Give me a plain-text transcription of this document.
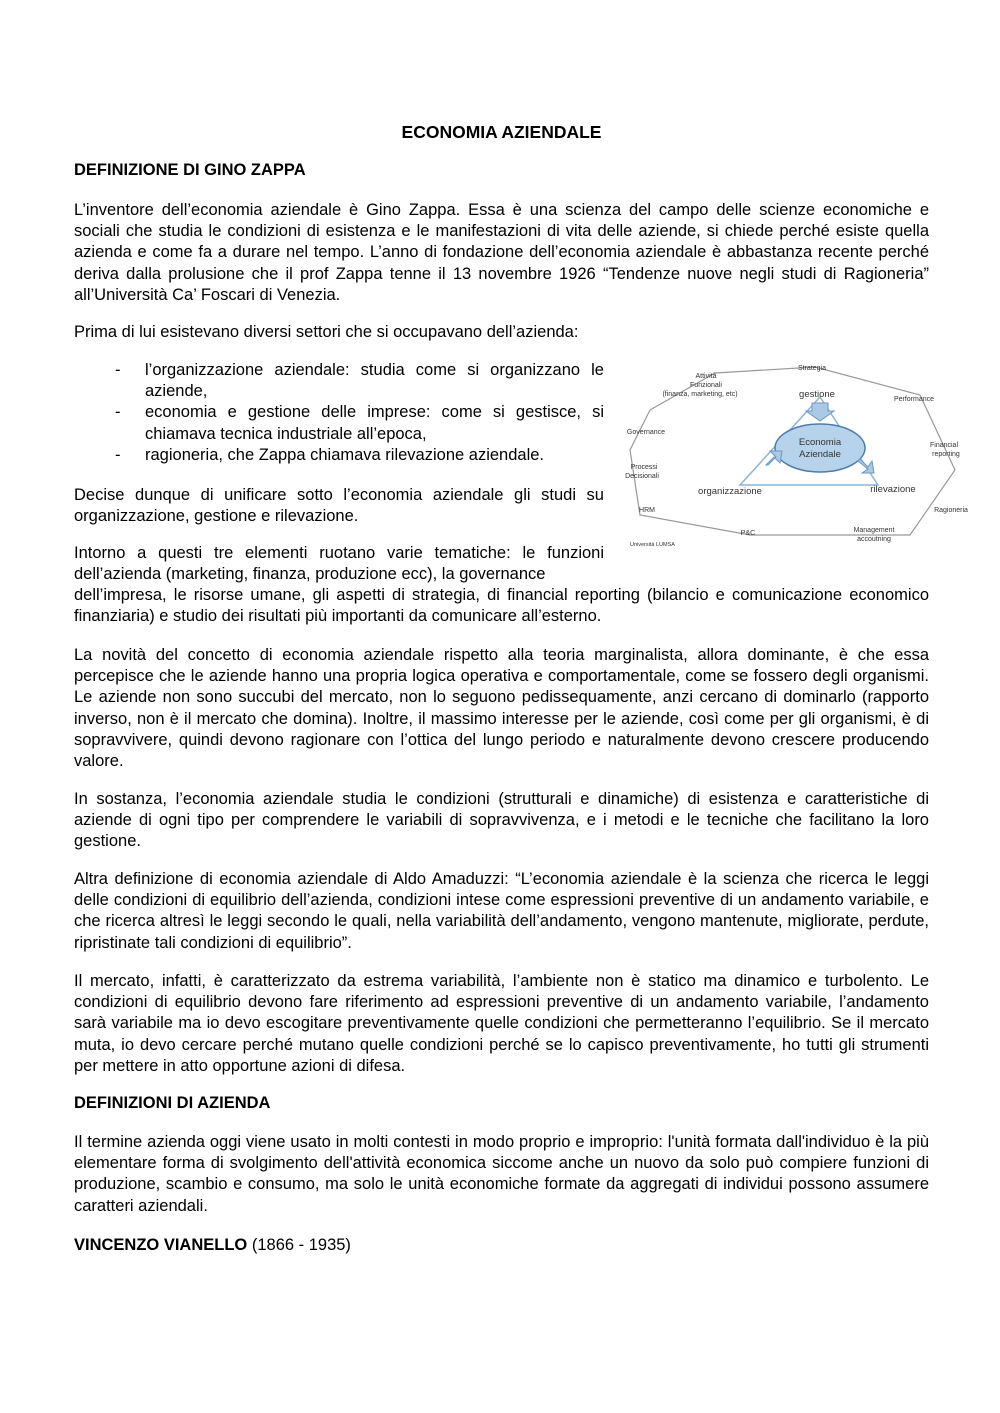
ECONOMIA AZIENDALE
DEFINIZIONE DI GINO ZAPPA

L’inventore dell’economia aziendale è Gino Zappa. Essa è una scienza del campo delle scienze economiche e sociali che studia le condizioni di esistenza e le manifestazioni di vita delle aziende, si chiede perché esiste quella azienda e come fa a durare nel tempo. L’anno di fondazione dell’economia aziendale è abbastanza recente perché deriva dalla prolusione che il prof Zappa tenne il 13 novembre 1926 “Tendenze nuove negli studi di Ragioneria” all’Università Ca’ Foscari di Venezia.

Prima di lui esistevano diversi settori che si occupavano dell’azienda:

- l’organizzazione aziendale: studia come si organizzano le aziende,
- economia e gestione delle imprese: come si gestisce, si chiamava tecnica industriale all’epoca,
- ragioneria, che Zappa chiamava rilevazione aziendale.

Decise dunque di unificare sotto l’economia aziendale gli studi su organizzazione, gestione e rilevazione.

Intorno a questi tre elementi ruotano varie tematiche: le funzioni dell’azienda (marketing, finanza, produzione ecc), la governance

dell’impresa, le risorse umane, gli aspetti di strategia, di financial reporting (bilancio e comunicazione economico finanziaria) e studio dei risultati più importanti da comunicare all’esterno.

La novità del concetto di economia aziendale rispetto alla teoria marginalista, allora dominante, è che essa percepisce che le aziende hanno una propria logica operativa e comportamentale, come se fossero degli organismi. Le aziende non sono succubi del mercato, non lo seguono pedissequamente, anzi cercano di dominarlo (rapporto inverso, non è il mercato che domina). Inoltre, il massimo interesse per le aziende, così come per gli organismi, è di sopravvivere, quindi devono ragionare con l’ottica del lungo periodo e naturalmente devono crescere producendo valore.

In sostanza, l’economia aziendale studia le condizioni (strutturali e dinamiche) di esistenza e caratteristiche di aziende di ogni tipo per comprendere le variabili di sopravvivenza, e i metodi e le tecniche che facilitano la loro gestione.

Altra definizione di economia aziendale di Aldo Amaduzzi: “L’economia aziendale è la scienza che ricerca le leggi delle condizioni di equilibrio dell’azienda, condizioni intese come espressioni preventive di un andamento variabile, e che ricerca altresì le leggi secondo le quali, nella variabilità dell’andamento, vengono mantenute, migliorate, perdute, ripristinate tali condizioni di equilibrio”.

Il mercato, infatti, è caratterizzato da estrema variabilità, l’ambiente non è statico ma dinamico e turbolento. Le condizioni di equilibrio devono fare riferimento ad espressioni preventive di un andamento variabile, l’andamento sarà variabile ma io devo escogitare preventivamente quelle condizioni che permetteranno l’equilibrio. Se il mercato muta, io devo cercare perché mutano quelle condizioni perché se lo capisco preventivamente, ho tutti gli strumenti per mettere in atto opportune azioni di difesa.

DEFINIZIONI DI AZIENDA

Il termine azienda oggi viene usato in molti contesti in modo proprio e improprio: l'unità formata dall'individuo è la più elementare forma di svolgimento dell'attività economica siccome anche un nuovo da solo può compiere funzioni di produzione, scambio e consumo, ma solo le unità economiche formate da aggregati di individui possono assumere caratteri aziendali.

VINCENZO VIANELLO (1866 - 1935)
Economia
Aziendale
gestione
organizzazione	rilevazione
Strategia
Attività
Funzionali
(finanza, marketing, etc)
Performance
Governance
Financial
reporting
Processi
Decisionali
HRM	Ragioneria
P&C	Management
accoutning
Università LUMSA
